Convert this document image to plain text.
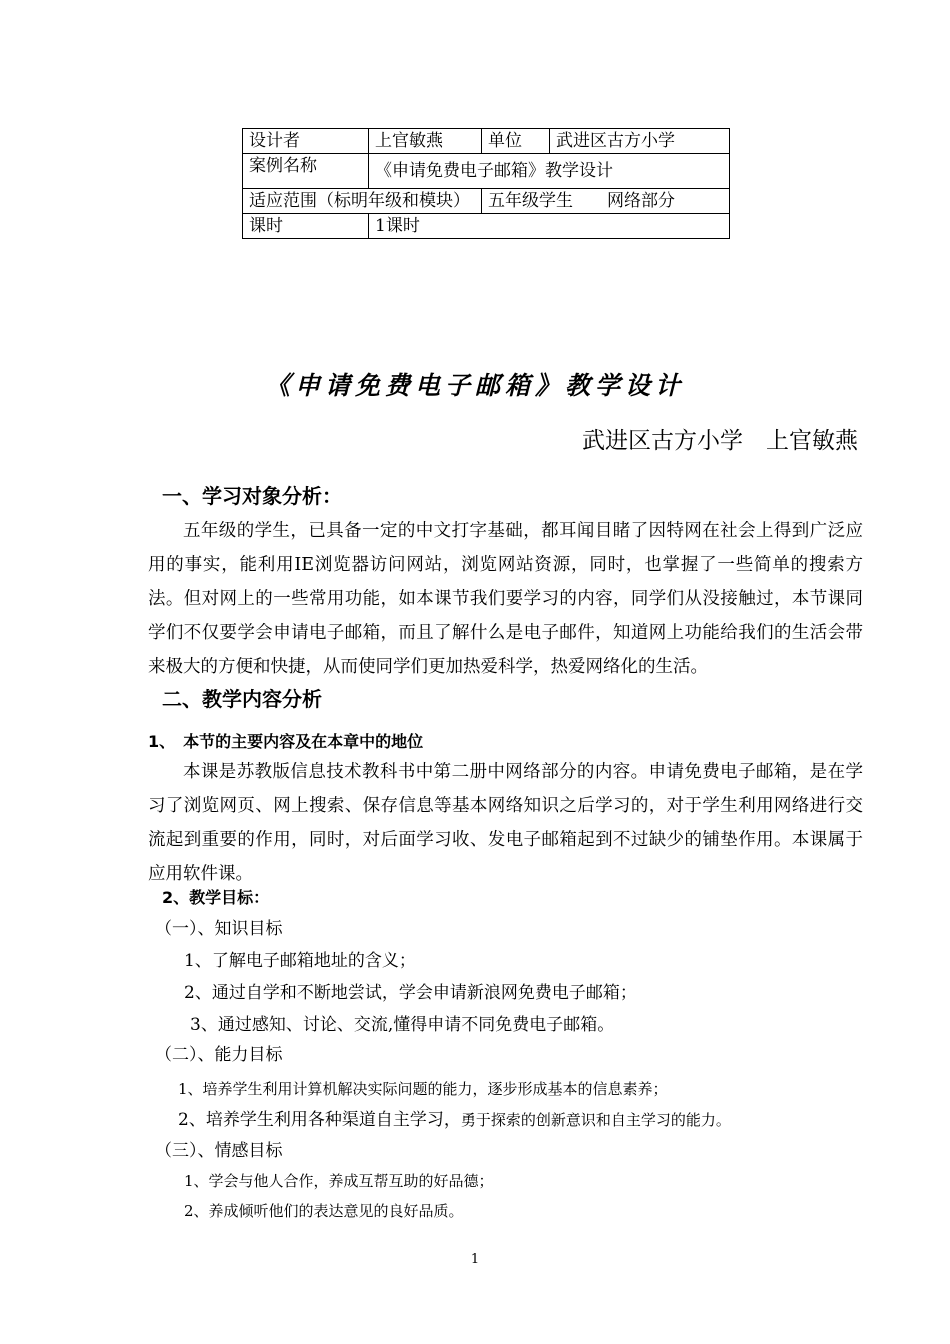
设计者	上官敏燕	单位	武进区古方小学
案例名称	《申请免费电子邮箱》教学设计		
适应范围（标明年级和模块）		五年级学生　　网络部分	
课时	1课时		
《申请免费电子邮箱》教学设计
武进区古方小学　上官敏燕
一、学习对象分析：
五年级的学生，已具备一定的中文打字基础，都耳闻目睹了因特网在社会上得到广泛应用的事实，能利用IE浏览器访问网站，浏览网站资源，同时，也掌握了一些简单的搜索方法。但对网上的一些常用功能，如本课节我们要学习的内容，同学们从没接触过，本节课同学们不仅要学会申请电子邮箱，而且了解什么是电子邮件，知道网上功能给我们的生活会带来极大的方便和快捷，从而使同学们更加热爱科学，热爱网络化的生活。
二、教学内容分析
1、　本节的主要内容及在本章中的地位
本课是苏教版信息技术教科书中第二册中网络部分的内容。申请免费电子邮箱，是在学习了浏览网页、网上搜索、保存信息等基本网络知识之后学习的，对于学生利用网络进行交流起到重要的作用，同时，对后面学习收、发电子邮箱起到不过缺少的铺垫作用。本课属于应用软件课。
2、教学目标：
（一）、知识目标
1、了解电子邮箱地址的含义；
2、通过自学和不断地尝试，学会申请新浪网免费电子邮箱；
3、通过感知、讨论、交流,懂得申请不同免费电子邮箱。
（二）、能力目标
1、培养学生利用计算机解决实际问题的能力，逐步形成基本的信息素养；
2、培养学生利用各种渠道自主学习，勇于探索的创新意识和自主学习的能力。
（三）、情感目标
1、学会与他人合作，养成互帮互助的好品德；
2、养成倾听他们的表达意见的良好品质。
1
